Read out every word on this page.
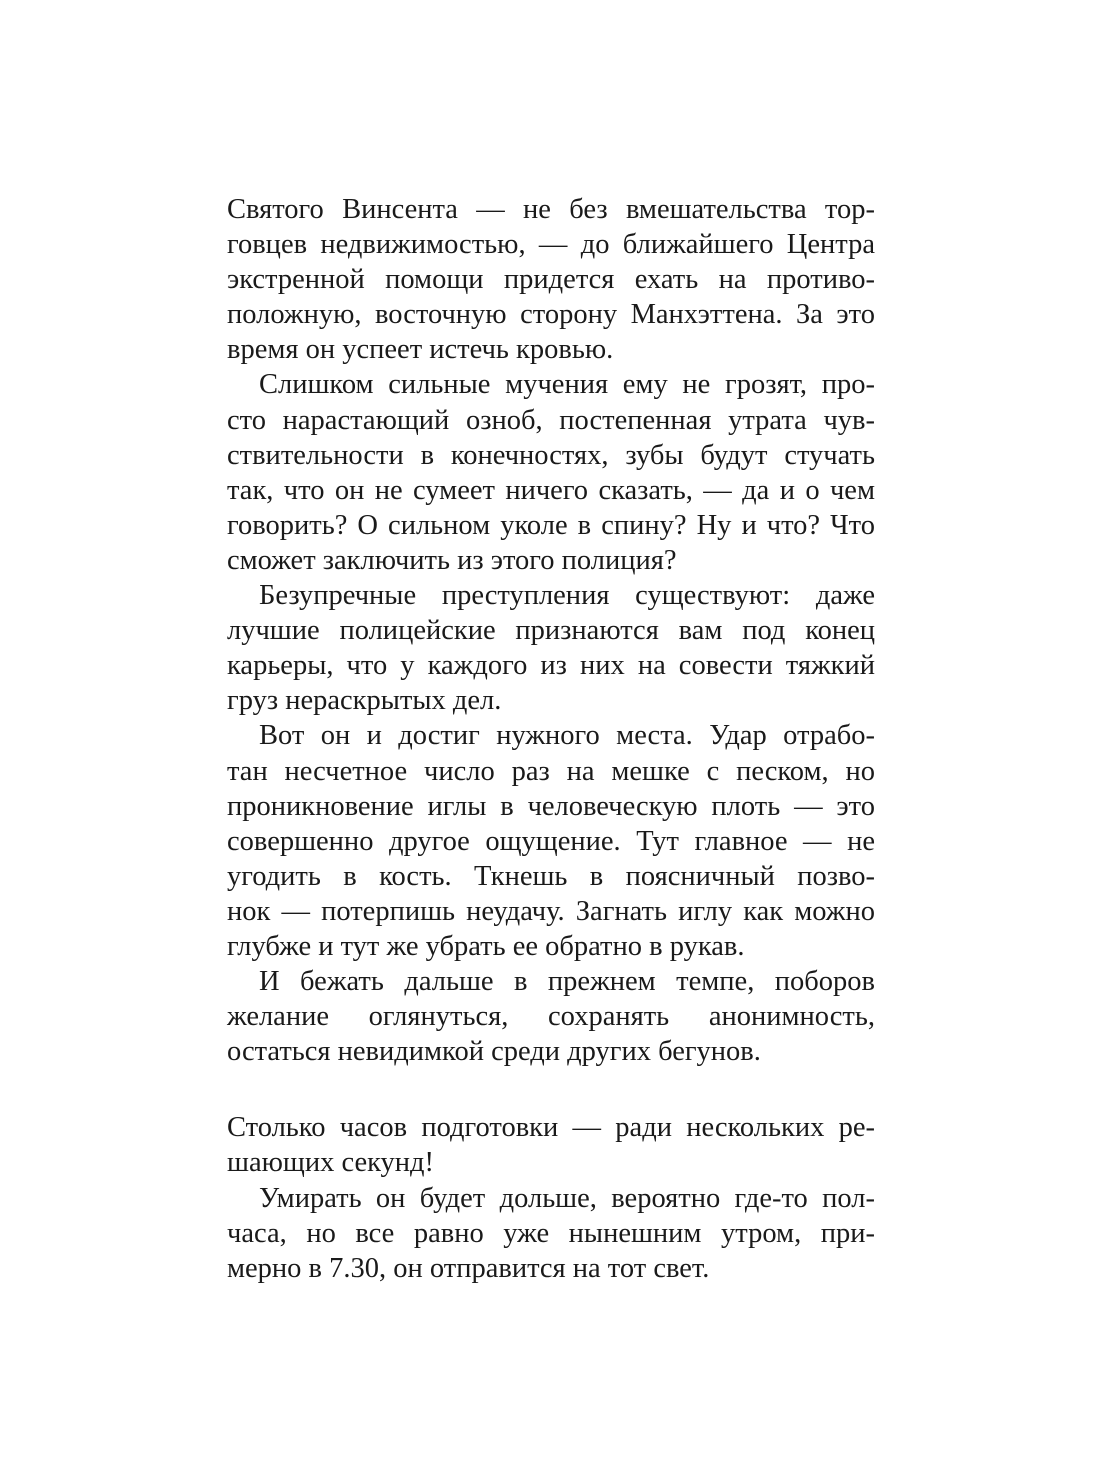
Святого Винсента — не без вмешательства тор-
говцев недвижимостью, — до ближайшего Центра
экстренной помощи придется ехать на противо-
положную, восточную сторону Манхэттена. За это
время он успеет истечь кровью.

Слишком сильные мучения ему не грозят, про-
сто нарастающий озноб, постепенная утрата чув-
ствительности в конечностях, зубы будут стучать
так, что он не сумеет ничего сказать, — да и о чем
говорить? О сильном уколе в спину? Ну и что? Что
сможет заключить из этого полиция?

Безупречные преступления существуют: даже
лучшие полицейские признаются вам под конец
карьеры, что у каждого из них на совести тяжкий
груз нераскрытых дел.

Вот он и достиг нужного места. Удар отрабо-
тан несчетное число раз на мешке с песком, но
проникновение иглы в человеческую плоть — это
совершенно другое ощущение. Тут главное — не
угодить в кость. Ткнешь в поясничный позво-
нок — потерпишь неудачу. Загнать иглу как можно
глубже и тут же убрать ее обратно в рукав.

И бежать дальше в прежнем темпе, поборов
желание оглянуться, сохранять анонимность,
остаться невидимкой среди других бегунов.

Столько часов подготовки — ради нескольких ре-
шающих секунд!

Умирать он будет дольше, вероятно где-то пол-
часа, но все равно уже нынешним утром, при-
мерно в 7.30, он отправится на тот свет.
